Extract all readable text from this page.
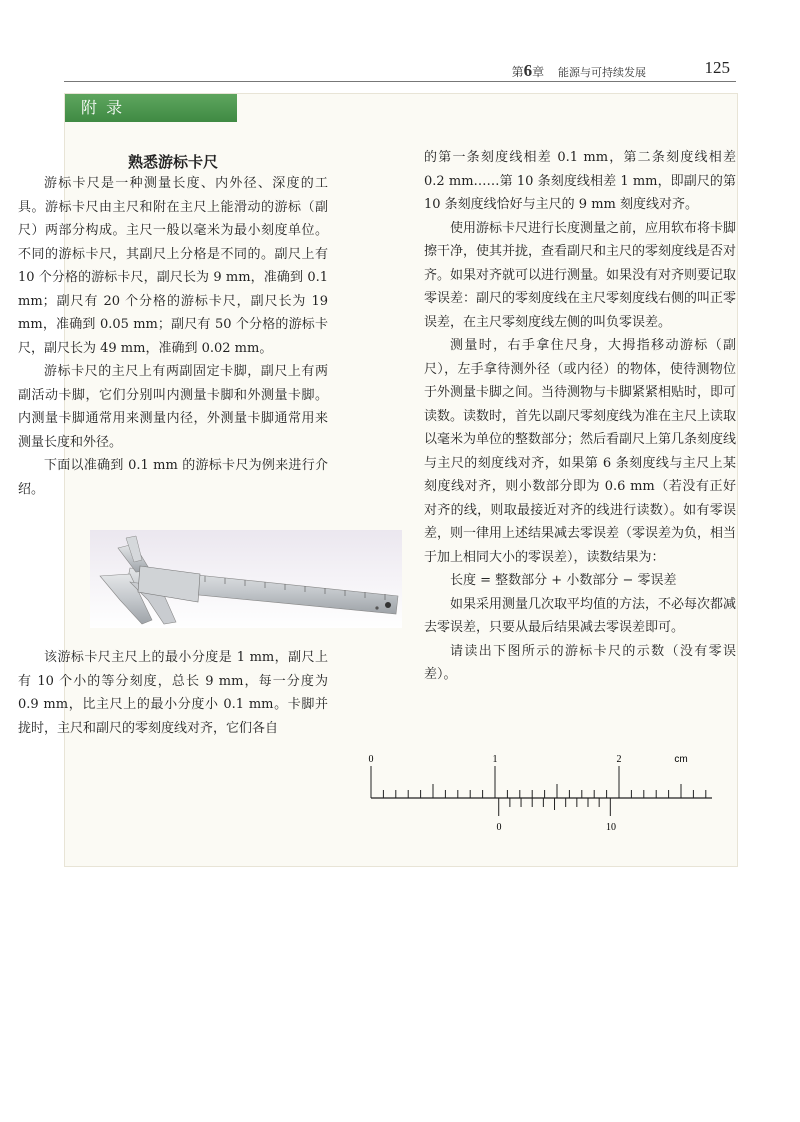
第6章 能源与可持续发展	125
附 录
熟悉游标卡尺

游标卡尺是一种测量长度、内外径、深度的工具。游标卡尺由主尺和附在主尺上能滑动的游标（副尺）两部分构成。主尺一般以毫米为最小刻度单位。不同的游标卡尺，其副尺上分格是不同的。副尺上有 10 个分格的游标卡尺，副尺长为 9 mm，准确到 0.1 mm；副尺有 20 个分格的游标卡尺，副尺长为 19 mm，准确到 0.05 mm；副尺有 50 个分格的游标卡尺，副尺长为 49 mm，准确到 0.02 mm。

游标卡尺的主尺上有两副固定卡脚，副尺上有两副活动卡脚，它们分别叫内测量卡脚和外测量卡脚。内测量卡脚通常用来测量内径，外测量卡脚通常用来测量长度和外径。

下面以准确到 0.1 mm 的游标卡尺为例来进行介绍。

该游标卡尺主尺上的最小分度是 1 mm，副尺上有 10 个小的等分刻度，总长 9 mm，每一分度为 0.9 mm，比主尺上的最小分度小 0.1 mm。卡脚并拢时，主尺和副尺的零刻度线对齐，它们各自

的第一条刻度线相差 0.1 mm，第二条刻度线相差 0.2 mm……第 10 条刻度线相差 1 mm，即副尺的第 10 条刻度线恰好与主尺的 9 mm 刻度线对齐。

使用游标卡尺进行长度测量之前，应用软布将卡脚擦干净，使其并拢，查看副尺和主尺的零刻度线是否对齐。如果对齐就可以进行测量。如果没有对齐则要记取零误差：副尺的零刻度线在主尺零刻度线右侧的叫正零误差，在主尺零刻度线左侧的叫负零误差。

测量时，右手拿住尺身，大拇指移动游标（副尺），左手拿待测外径（或内径）的物体，使待测物位于外测量卡脚之间。当待测物与卡脚紧紧相贴时，即可读数。读数时，首先以副尺零刻度线为准在主尺上读取以毫米为单位的整数部分；然后看副尺上第几条刻度线与主尺的刻度线对齐，如果第 6 条刻度线与主尺上某刻度线对齐，则小数部分即为 0.6 mm（若没有正好对齐的线，则取最接近对齐的线进行读数）。如有零误差，则一律用上述结果减去零误差（零误差为负，相当于加上相同大小的零误差），读数结果为：

长度 = 整数部分 + 小数部分 − 零误差

如果采用测量几次取平均值的方法，不必每次都减去零误差，只要从最后结果减去零误差即可。

请读出下图所示的游标卡尺的示数（没有零误差）。

0	1	2	cm
0	10
